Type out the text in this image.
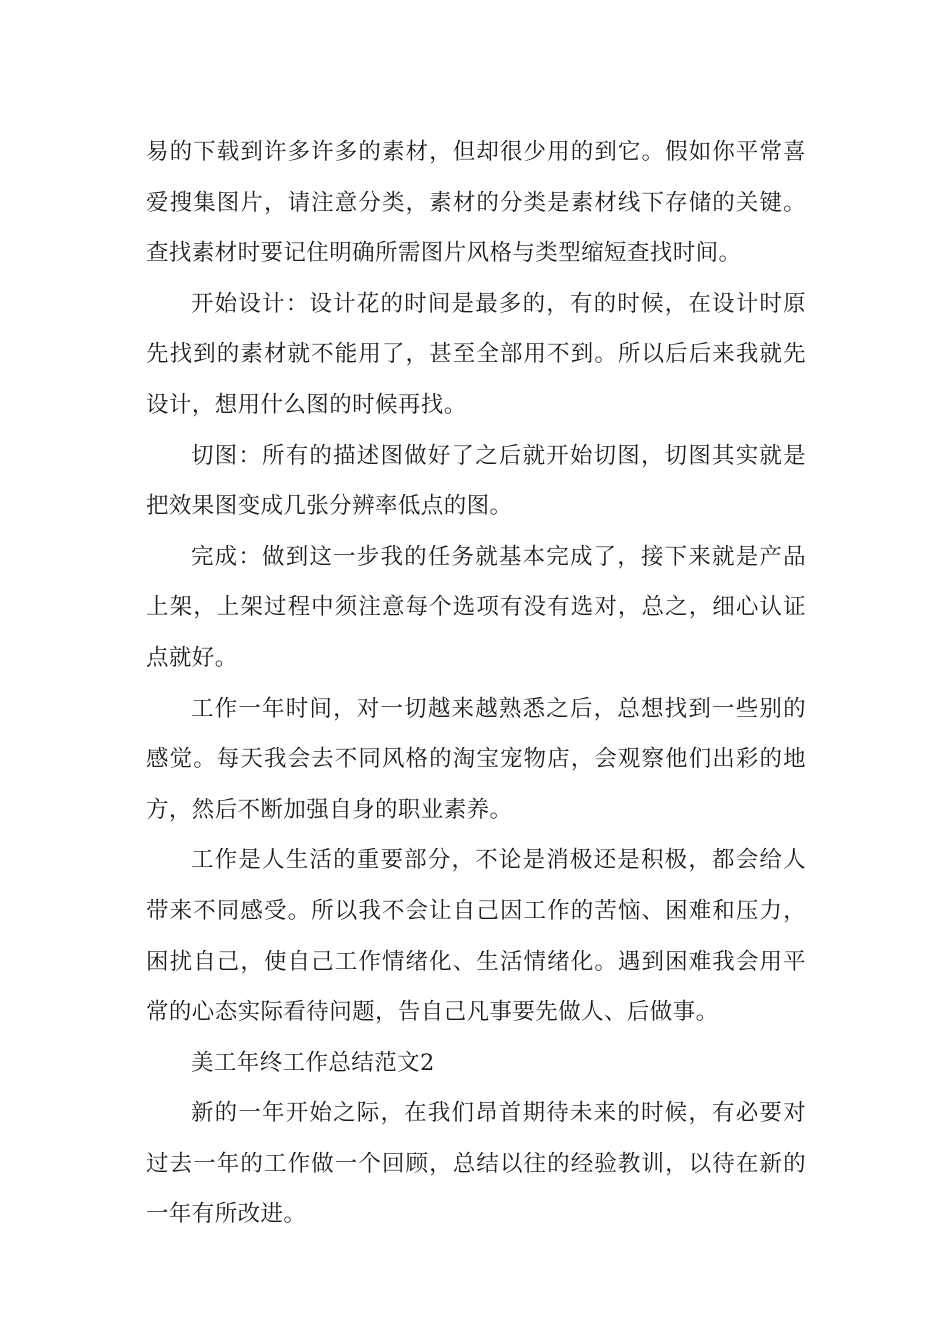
易的下载到许多许多的素材，但却很少用的到它。假如你平常喜爱搜集图片，请注意分类，素材的分类是素材线下存储的关键。查找素材时要记住明确所需图片风格与类型缩短查找时间。

开始设计：设计花的时间是最多的，有的时候，在设计时原先找到的素材就不能用了，甚至全部用不到。所以后后来我就先设计，想用什么图的时候再找。

切图：所有的描述图做好了之后就开始切图，切图其实就是把效果图变成几张分辨率低点的图。

完成：做到这一步我的任务就基本完成了，接下来就是产品上架，上架过程中须注意每个选项有没有选对，总之，细心认证点就好。

工作一年时间，对一切越来越熟悉之后，总想找到一些别的感觉。每天我会去不同风格的淘宝宠物店，会观察他们出彩的地方，然后不断加强自身的职业素养。

工作是人生活的重要部分，不论是消极还是积极，都会给人带来不同感受。所以我不会让自己因工作的苦恼、困难和压力，困扰自己，使自己工作情绪化、生活情绪化。遇到困难我会用平常的心态实际看待问题，告自己凡事要先做人、后做事。

美工年终工作总结范文2

新的一年开始之际，在我们昂首期待未来的时候，有必要对过去一年的工作做一个回顾，总结以往的经验教训，以待在新的一年有所改进。
